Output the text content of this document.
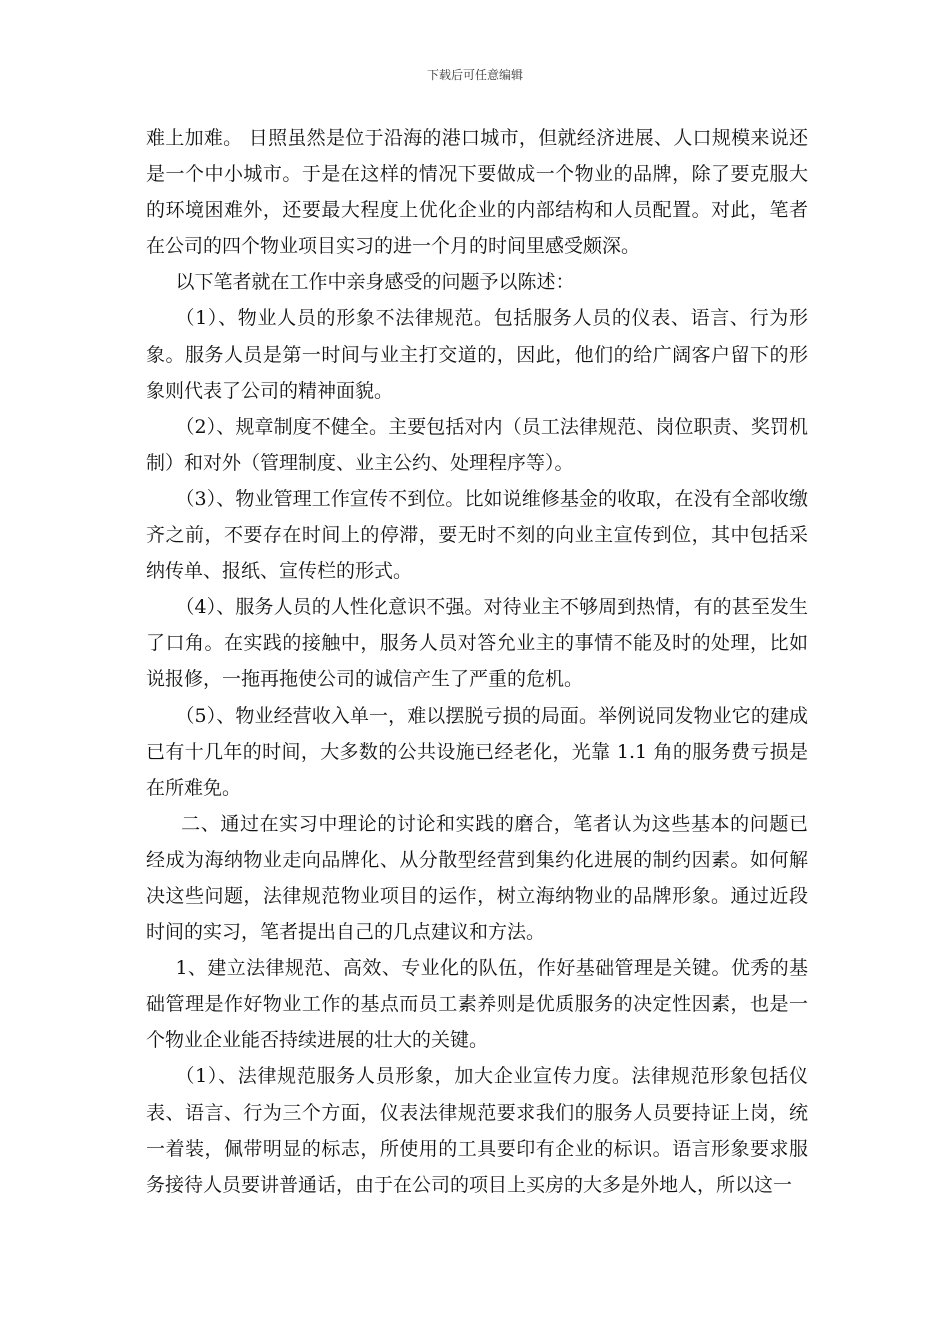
下载后可任意编辑

难上加难。 日照虽然是位于沿海的港口城市，但就经济进展、人口规模来说还是一个中小城市。于是在这样的情况下要做成一个物业的品牌，除了要克服大的环境困难外，还要最大程度上优化企业的内部结构和人员配置。对此，笔者在公司的四个物业项目实习的进一个月的时间里感受颇深。

以下笔者就在工作中亲身感受的问题予以陈述：

（1）、物业人员的形象不法律规范。包括服务人员的仪表、语言、行为形象。服务人员是第一时间与业主打交道的，因此，他们的给广阔客户留下的形象则代表了公司的精神面貌。

（2）、规章制度不健全。主要包括对内（员工法律规范、岗位职责、奖罚机制）和对外（管理制度、业主公约、处理程序等）。

（3）、物业管理工作宣传不到位。比如说维修基金的收取，在没有全部收缴齐之前，不要存在时间上的停滞，要无时不刻的向业主宣传到位，其中包括采纳传单、报纸、宣传栏的形式。

（4）、服务人员的人性化意识不强。对待业主不够周到热情，有的甚至发生了口角。在实践的接触中，服务人员对答允业主的事情不能及时的处理，比如说报修，一拖再拖使公司的诚信产生了严重的危机。

（5）、物业经营收入单一，难以摆脱亏损的局面。举例说同发物业它的建成已有十几年的时间，大多数的公共设施已经老化，光靠 1.1 角的服务费亏损是在所难免。

二、通过在实习中理论的讨论和实践的磨合，笔者认为这些基本的问题已经成为海纳物业走向品牌化、从分散型经营到集约化进展的制约因素。如何解决这些问题，法律规范物业项目的运作，树立海纳物业的品牌形象。通过近段时间的实习，笔者提出自己的几点建议和方法。

1、建立法律规范、高效、专业化的队伍，作好基础管理是关键。优秀的基础管理是作好物业工作的基点而员工素养则是优质服务的决定性因素，也是一个物业企业能否持续进展的壮大的关键。

（1）、法律规范服务人员形象，加大企业宣传力度。法律规范形象包括仪表、语言、行为三个方面，仪表法律规范要求我们的服务人员要持证上岗，统一着装，佩带明显的标志，所使用的工具要印有企业的标识。语言形象要求服务接待人员要讲普通话，由于在公司的项目上买房的大多是外地人，所以这一
